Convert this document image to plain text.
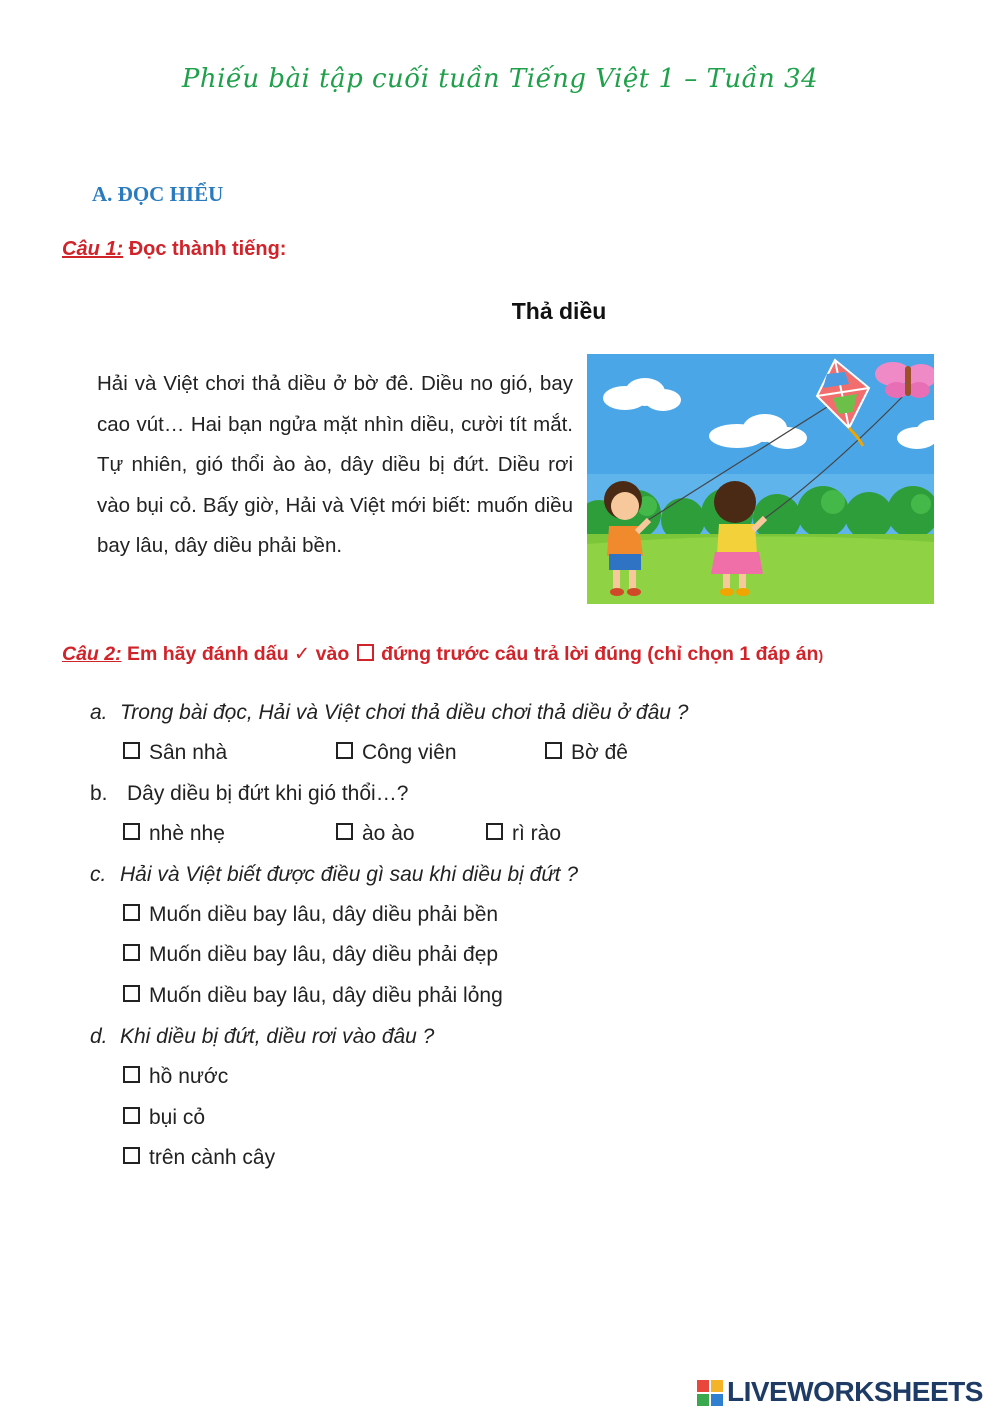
Phiếu bài tập cuối tuần Tiếng Việt 1 – Tuần 34
A. ĐỌC HIỂU
Câu 1: Đọc thành tiếng:
Thả diều
Hải và Việt chơi thả diều ở bờ đê. Diều no gió, bay cao vút… Hai bạn ngửa mặt nhìn diều, cười tít mắt. Tự nhiên, gió thổi ào ào, dây diều bị đứt. Diều rơi vào bụi cỏ. Bấy giờ, Hải và Việt mới biết: muốn diều bay lâu, dây diều phải bền.
Câu 2: Em hãy đánh dấu ✓ vào đứng trước câu trả lời đúng (chỉ chọn 1 đáp án)
a. Trong bài đọc, Hải và Việt chơi thả diều chơi thả diều ở đâu ?
Sân nhà	Công viên	Bờ đê
b. Dây diều bị đứt khi gió thổi…?
nhè nhẹ	ào ào	rì rào
c. Hải và Việt biết được điều gì sau khi diều bị đứt ?
Muốn diều bay lâu, dây diều phải bền
Muốn diều bay lâu, dây diều phải đẹp
Muốn diều bay lâu, dây diều phải lỏng
d. Khi diều bị đứt, diều rơi vào đâu ?
hồ nước
bụi cỏ
trên cành cây
LIVEWORKSHEETS
